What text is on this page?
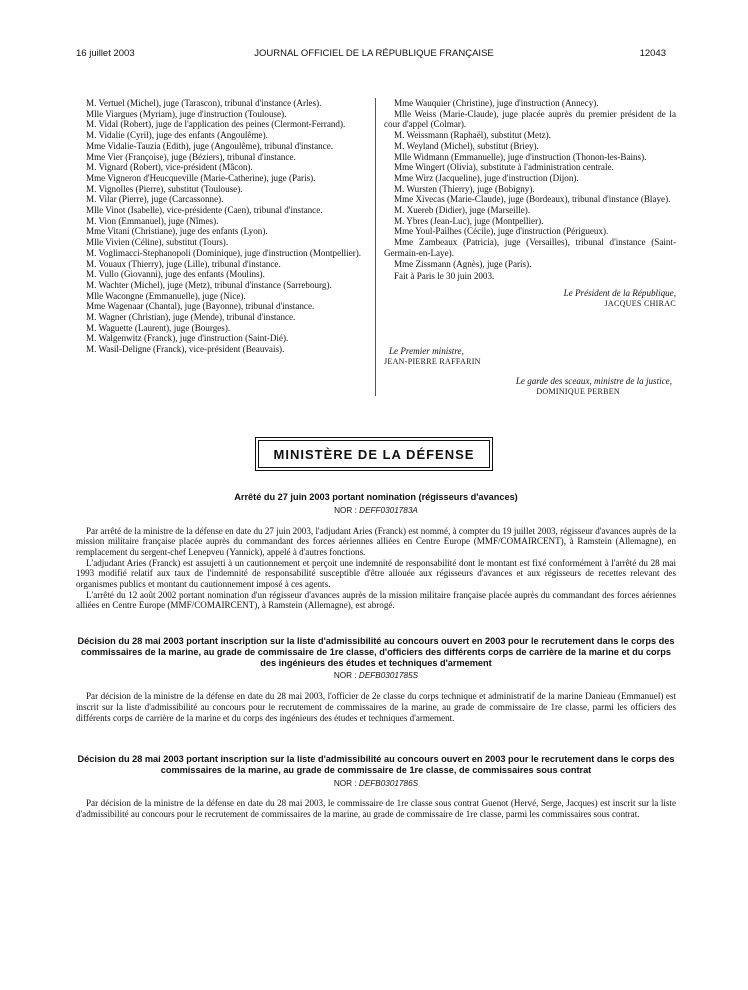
16 juillet 2003	JOURNAL OFFICIEL DE LA RÉPUBLIQUE FRANÇAISE	12043
M. Vertuel (Michel), juge (Tarascon), tribunal d'instance (Arles).
Mlle Viargues (Myriam), juge d'instruction (Toulouse).
M. Vidal (Robert), juge de l'application des peines (Clermont-Ferrand).
M. Vidalie (Cyril), juge des enfants (Angoulême).
Mme Vidalie-Tauzia (Edith), juge (Angoulême), tribunal d'instance.
Mme Vier (Françoise), juge (Béziers), tribunal d'instance.
M. Vignard (Robert), vice-président (Mâcon).
Mme Vigneron d'Heucqueville (Marie-Catherine), juge (Paris).
M. Vignolles (Pierre), substitut (Toulouse).
M. Vilar (Pierre), juge (Carcassonne).
Mlle Vinot (Isabelle), vice-présidente (Caen), tribunal d'instance.
M. Vion (Emmanuel), juge (Nîmes).
Mme Vitani (Christiane), juge des enfants (Lyon).
Mlle Vivien (Céline), substitut (Tours).
M. Voglimacci-Stephanopoli (Dominique), juge d'instruction (Montpellier).
M. Vouaux (Thierry), juge (Lille), tribunal d'instance.
M. Vullo (Giovanni), juge des enfants (Moulins).
M. Wachter (Michel), juge (Metz), tribunal d'instance (Sarrebourg).
Mlle Wacongne (Emmanuelle), juge (Nice).
Mme Wagenaar (Chantal), juge (Bayonne), tribunal d'instance.
M. Wagner (Christian), juge (Mende), tribunal d'instance.
M. Waguette (Laurent), juge (Bourges).
M. Walgenwitz (Franck), juge d'instruction (Saint-Dié).
M. Wasil-Deligne (Franck), vice-président (Beauvais).
Mme Wauquier (Christine), juge d'instruction (Annecy).
Mlle Weiss (Marie-Claude), juge placée auprès du premier président de la cour d'appel (Colmar).
M. Weissmann (Raphaël), substitut (Metz).
M. Weyland (Michel), substitut (Briey).
Mlle Widmann (Emmanuelle), juge d'instruction (Thonon-les-Bains).
Mme Wingert (Olivia), substitute à l'administration centrale.
Mme Wirz (Jacqueline), juge d'instruction (Dijon).
M. Wursten (Thierry), juge (Bobigny).
Mme Xivecas (Marie-Claude), juge (Bordeaux), tribunal d'instance (Blaye).
M. Xuereb (Didier), juge (Marseille).
M. Ybres (Jean-Luc), juge (Montpellier).
Mme Youl-Pailhes (Cécile), juge d'instruction (Périgueux).
Mme Zambeaux (Patricia), juge (Versailles), tribunal d'instance (Saint-Germain-en-Laye).
Mme Zissmann (Agnès), juge (Paris).
Fait à Paris le 30 juin 2003.
Le Président de la République,
JACQUES CHIRAC
Le Premier ministre,
JEAN-PIERRE RAFFARIN
Le garde des sceaux, ministre de la justice,
DOMINIQUE PERBEN
MINISTÈRE DE LA DÉFENSE
Arrêté du 27 juin 2003 portant nomination (régisseurs d'avances)
NOR : DEFF0301783A
Par arrêté de la ministre de la défense en date du 27 juin 2003, l'adjudant Aries (Franck) est nommé, à compter du 19 juillet 2003, régisseur d'avances auprès de la mission militaire française placée auprès du commandant des forces aériennes alliées en Centre Europe (MMF/COMAIRCENT), à Ramstein (Allemagne), en remplacement du sergent-chef Lenepveu (Yannick), appelé à d'autres fonctions.
L'adjudant Aries (Franck) est assujetti à un cautionnement et perçoit une indemnité de responsabilité dont le montant est fixé conformément à l'arrêté du 28 mai 1993 modifié relatif aux taux de l'indemnité de responsabilité susceptible d'être allouée aux régisseurs d'avances et aux régisseurs de recettes relevant des organismes publics et montant du cautionnement imposé à ces agents.
L'arrêté du 12 août 2002 portant nomination d'un régisseur d'avances auprès de la mission militaire française placée auprès du commandant des forces aériennes alliées en Centre Europe (MMF/COMAIRCENT), à Ramstein (Allemagne), est abrogé.
Décision du 28 mai 2003 portant inscription sur la liste d'admissibilité au concours ouvert en 2003 pour le recrutement dans le corps des commissaires de la marine, au grade de commissaire de 1re classe, d'officiers des différents corps de carrière de la marine et du corps des ingénieurs des études et techniques d'armement
NOR : DEFB0301785S
Par décision de la ministre de la défense en date du 28 mai 2003, l'officier de 2e classe du corps technique et administratif de la marine Danieau (Emmanuel) est inscrit sur la liste d'admissibilité au concours pour le recrutement de commissaires de la marine, au grade de commissaire de 1re classe, parmi les officiers des différents corps de carrière de la marine et du corps des ingénieurs des études et techniques d'armement.
Décision du 28 mai 2003 portant inscription sur la liste d'admissibilité au concours ouvert en 2003 pour le recrutement dans le corps des commissaires de la marine, au grade de commissaire de 1re classe, de commissaires sous contrat
NOR : DEFB0301786S
Par décision de la ministre de la défense en date du 28 mai 2003, le commissaire de 1re classe sous contrat Guenot (Hervé, Serge, Jacques) est inscrit sur la liste d'admissibilité au concours pour le recrutement de commissaires de la marine, au grade de commissaire de 1re classe, parmi les commissaires sous contrat.
